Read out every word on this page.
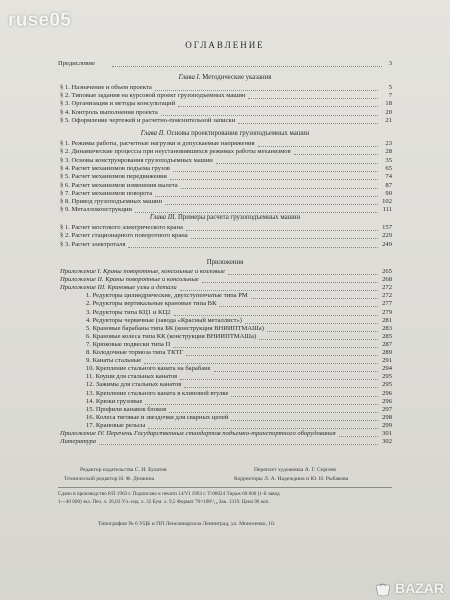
ruse05
ОГЛАВЛЕНИЕ
Предисловие	3
Глава I. Методические указания
§ 1. Назначение и объем проекта	5
§ 2. Типовые задания на курсовой проект грузоподъемных машин	7
§ 3. Организация и методы консультаций	18
§ 4. Контроль выполнения проекта	20
§ 5. Оформление чертежей и расчетно-пояснительной записки	21
Глава II. Основы проектирования грузоподъемных машин
§ 1. Режимы работы, расчетные нагрузки и допускаемые напряжения	23
§ 2. Динамические процессы при неустановившихся режимах работы механизмов	28
§ 3. Основы конструирования грузоподъемных машин	35
§ 4. Расчет механизмов подъема грузов	65
§ 5. Расчет механизмов передвижения	74
§ 6. Расчет механизмов изменения вылета	87
§ 7. Расчет механизмов поворота	90
§ 8. Привод грузоподъемных машин	102
§ 9. Металлоконструкции	111
Глава III. Примеры расчета грузоподъемных машин
§ 1. Расчет мостового электрического крана	157
§ 2. Расчет стационарного поворотного крана	229
§ 3. Расчет электроталя	249
Приложения
Приложение I. Краны поворотные, консольные и козловые	265
Приложение II. Краны поворотные и консольные	268
Приложение III. Крановые узлы и детали	272
1. Редукторы цилиндрические, двухступенчатые типа РМ	272
2. Редукторы вертикальные крановые типа ВК	277
3. Редукторы типа КЦ1 и КЦ2	279
4. Редукторы червячные (завода «Красный металлист»)	281
5. Крановые барабаны типа БК (конструкция ВНИИПТМАШа)	283
6. Крановые колеса типа КК (конструкция ВНИИПТМАШа)	285
7. Крюковые подвески типа П	287
8. Колодочные тормоза типа ТКТГ	289
9. Канаты стальные	291
10. Крепление стального каната на барабане	294
11. Коуши для стальных канатов	295
12. Зажимы для стальных канатов	295
13. Крепление стального каната в клиновой втулке	296
14. Крюки грузовые	296
15. Профили канавок блоков	297
16. Колеса тяговые и звездочки для сварных цепей	298
17. Крановые рельсы	299
Приложение IV. Перечень Государственных стандартов подъемно-транспортного оборудования	301
Литература	302
Редактор издательства С. И. Булатов	Переплет художника А. Г. Сергеев
Технический редактор Н. Ф. Демкина	Корректоры Л. А. Надеждина и Ю. Н. Рыбакова
Сдано в производство 8/II 1963 г. Подписано к печати 14/VI 1963 г. Т-08024 Тираж 60 000 (1-й завод
1—40 000) экз. Печ. л. 26,03 Уч.-изд. л. 32 Бум. л. 9,5 Формат 70×108¹/₁₆ Зак. 1319. Цена 96 коп.
Типография № 6 УЦБ и ПП Ленсовнархоза Ленинград, ул. Моисеенко, 10.
BAZAR
